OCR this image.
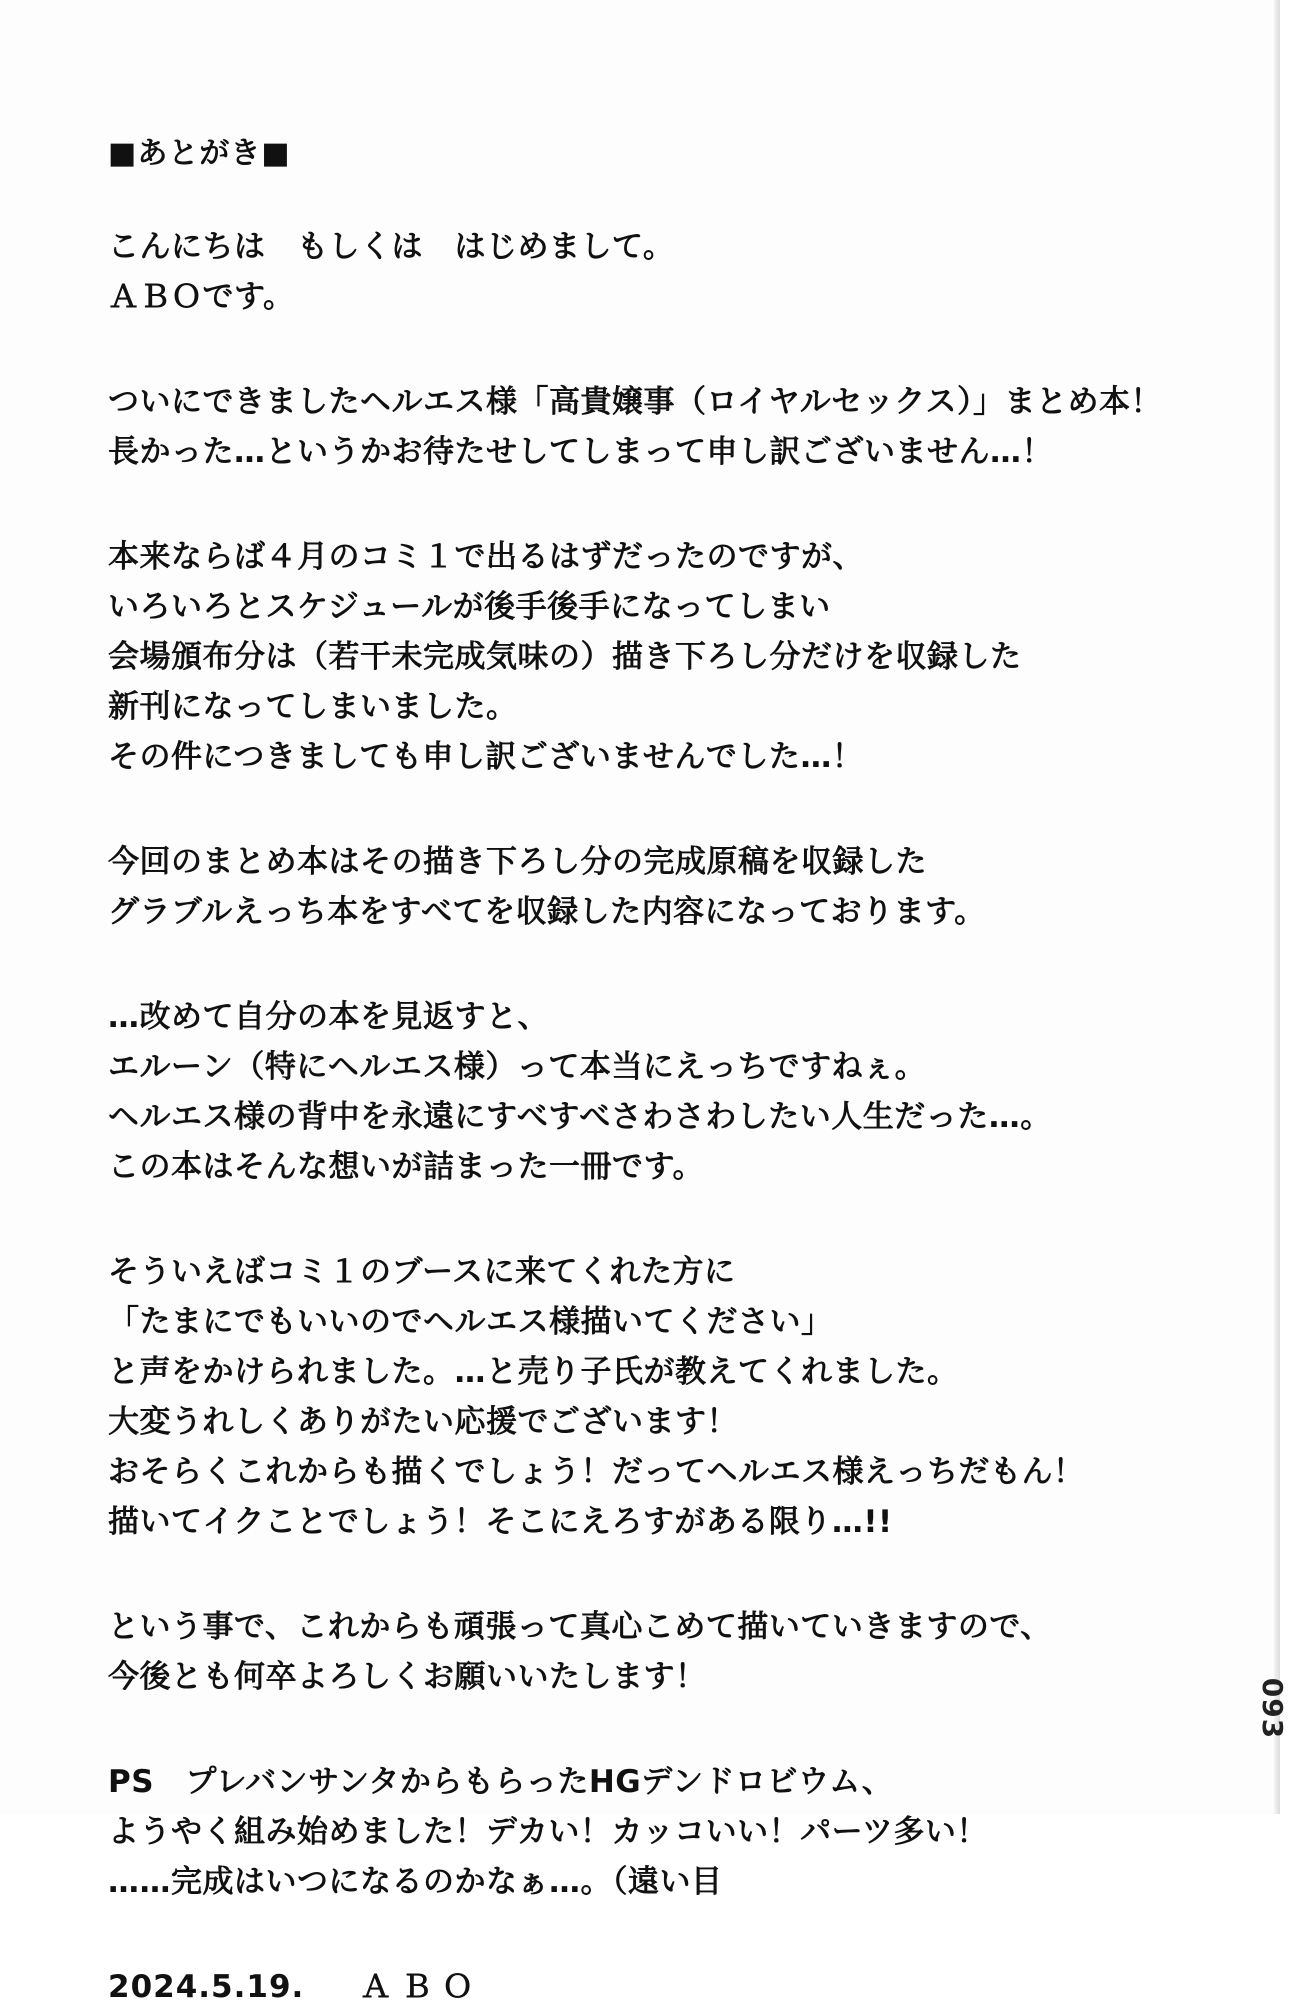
■あとがき■
こんにちは　もしくは　はじめまして。
ＡＢＯです。
ついにできましたヘルエス様「高貴嬢事（ロイヤルセックス）」まとめ本！
長かった…というかお待たせしてしまって申し訳ございません…！
本来ならば４月のコミ１で出るはずだったのですが、
いろいろとスケジュールが後手後手になってしまい
会場頒布分は（若干未完成気味の）描き下ろし分だけを収録した
新刊になってしまいました。
その件につきましても申し訳ございませんでした…！
今回のまとめ本はその描き下ろし分の完成原稿を収録した
グラブルえっち本をすべてを収録した内容になっております。
…改めて自分の本を見返すと、
エルーン（特にヘルエス様）って本当にえっちですねぇ。
ヘルエス様の背中を永遠にすべすべさわさわしたい人生だった…。
この本はそんな想いが詰まった一冊です。
そういえばコミ１のブースに来てくれた方に
「たまにでもいいのでヘルエス様描いてください」
と声をかけられました。…と売り子氏が教えてくれました。
大変うれしくありがたい応援でございます！
おそらくこれからも描くでしょう！だってヘルエス様えっちだもん！
描いてイクことでしょう！そこにえろすがある限り…!!
という事で、これからも頑張って真心こめて描いていきますので、
今後とも何卒よろしくお願いいたします！
PS　プレバンサンタからもらったHGデンドロビウム、
ようやく組み始めました！デカい！カッコいい！パーツ多い！
……完成はいつになるのかなぁ…。（遠い目
2024.5.19. ＡＢＯ
093
